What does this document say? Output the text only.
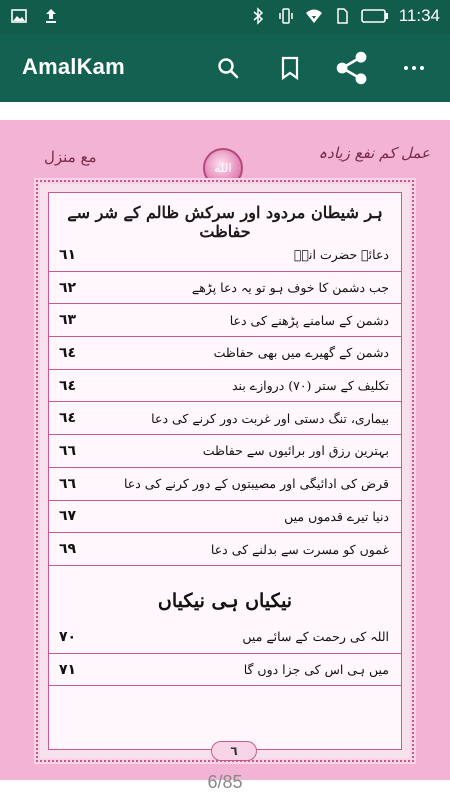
11:34
AmalKam
مع منزل
الله
عمل کم نفع زیادہ
ہر شیطان مردود اور سرکش ظالم کے شر سے حفاظت
دعائے حضرت انسؓ
٦١
جب دشمن کا خوف ہو تو یہ دعا پڑھے
٦٢
دشمن کے سامنے پڑھنے کی دعا
٦٣
دشمن کے گھیرے میں بھی حفاظت
٦٤
تکلیف کے ستر (٧٠) دروازے بند
٦٤
بیماری، تنگ دستی اور غربت دور کرنے کی دعا
٦٤
بہترین رزق اور برائیوں سے حفاظت
٦٦
قرض کی ادائیگی اور مصیبتوں کے دور کرنے کی دعا
٦٦
دنیا تیرے قدموں میں
٦٧
غموں کو مسرت سے بدلنے کی دعا
٦٩
نیکیاں ہی نیکیاں
اللہ کی رحمت کے سائے میں
٧٠
میں ہی اس کی جزا دوں گا
٧١
٦
6/85
